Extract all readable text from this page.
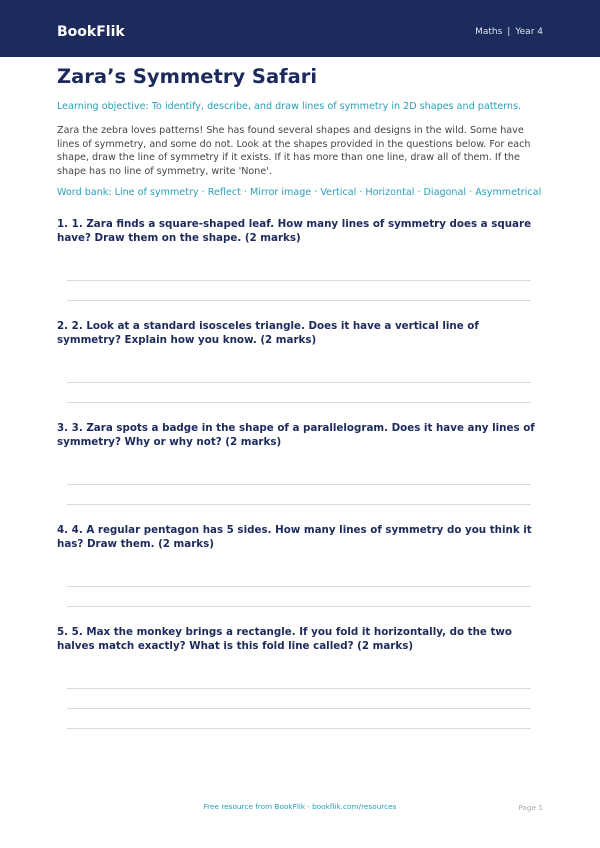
BookFlik	Maths | Year 4
Zara’s Symmetry Safari
Learning objective: To identify, describe, and draw lines of symmetry in 2D shapes and patterns.

Zara the zebra loves patterns! She has found several shapes and designs in the wild. Some have lines of symmetry, and some do not. Look at the shapes provided in the questions below. For each shape, draw the line of symmetry if it exists. If it has more than one line, draw all of them. If the shape has no line of symmetry, write 'None'.

Word bank: Line of symmetry · Reflect · Mirror image · Vertical · Horizontal · Diagonal · Asymmetrical

1. 1. Zara finds a square-shaped leaf. How many lines of symmetry does a square have? Draw them on the shape. (2 marks)

2. 2. Look at a standard isosceles triangle. Does it have a vertical line of symmetry? Explain how you know. (2 marks)

3. 3. Zara spots a badge in the shape of a parallelogram. Does it have any lines of symmetry? Why or why not? (2 marks)

4. 4. A regular pentagon has 5 sides. How many lines of symmetry do you think it has? Draw them. (2 marks)

5. 5. Max the monkey brings a rectangle. If you fold it horizontally, do the two halves match exactly? What is this fold line called? (2 marks)

Free resource from BookFlik · bookflik.com/resources	Page 1
